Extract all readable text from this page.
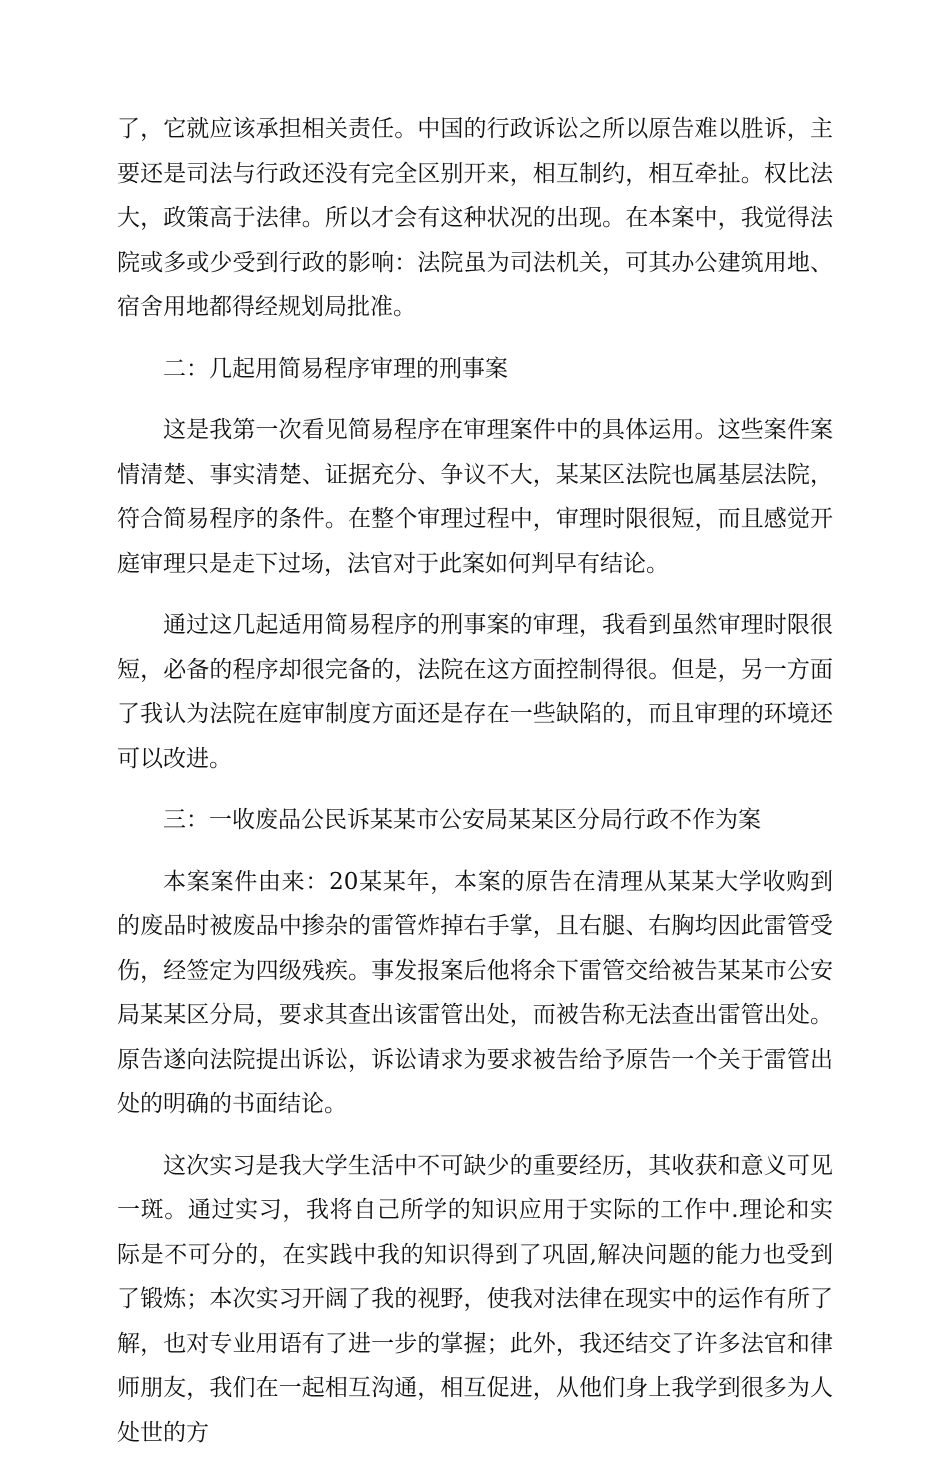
了，它就应该承担相关责任。中国的行政诉讼之所以原告难以胜诉，主要还是司法与行政还没有完全区别开来，相互制约，相互牵扯。权比法大，政策高于法律。所以才会有这种状况的出现。在本案中，我觉得法院或多或少受到行政的影响：法院虽为司法机关，可其办公建筑用地、宿舍用地都得经规划局批准。

二：几起用简易程序审理的刑事案

这是我第一次看见简易程序在审理案件中的具体运用。这些案件案情清楚、事实清楚、证据充分、争议不大，某某区法院也属基层法院，符合简易程序的条件。在整个审理过程中，审理时限很短，而且感觉开庭审理只是走下过场，法官对于此案如何判早有结论。

通过这几起适用简易程序的刑事案的审理，我看到虽然审理时限很短，必备的程序却很完备的，法院在这方面控制得很。但是，另一方面了我认为法院在庭审制度方面还是存在一些缺陷的，而且审理的环境还可以改进。

三：一收废品公民诉某某市公安局某某区分局行政不作为案

本案案件由来：20某某年，本案的原告在清理从某某大学收购到的废品时被废品中掺杂的雷管炸掉右手掌，且右腿、右胸均因此雷管受伤，经签定为四级残疾。事发报案后他将余下雷管交给被告某某市公安局某某区分局，要求其查出该雷管出处，而被告称无法查出雷管出处。原告遂向法院提出诉讼，诉讼请求为要求被告给予原告一个关于雷管出处的明确的书面结论。

这次实习是我大学生活中不可缺少的重要经历，其收获和意义可见一斑。通过实习，我将自己所学的知识应用于实际的工作中.理论和实际是不可分的，在实践中我的知识得到了巩固,解决问题的能力也受到了锻炼；本次实习开阔了我的视野，使我对法律在现实中的运作有所了解，也对专业用语有了进一步的掌握；此外，我还结交了许多法官和律师朋友，我们在一起相互沟通，相互促进，从他们身上我学到很多为人处世的方
